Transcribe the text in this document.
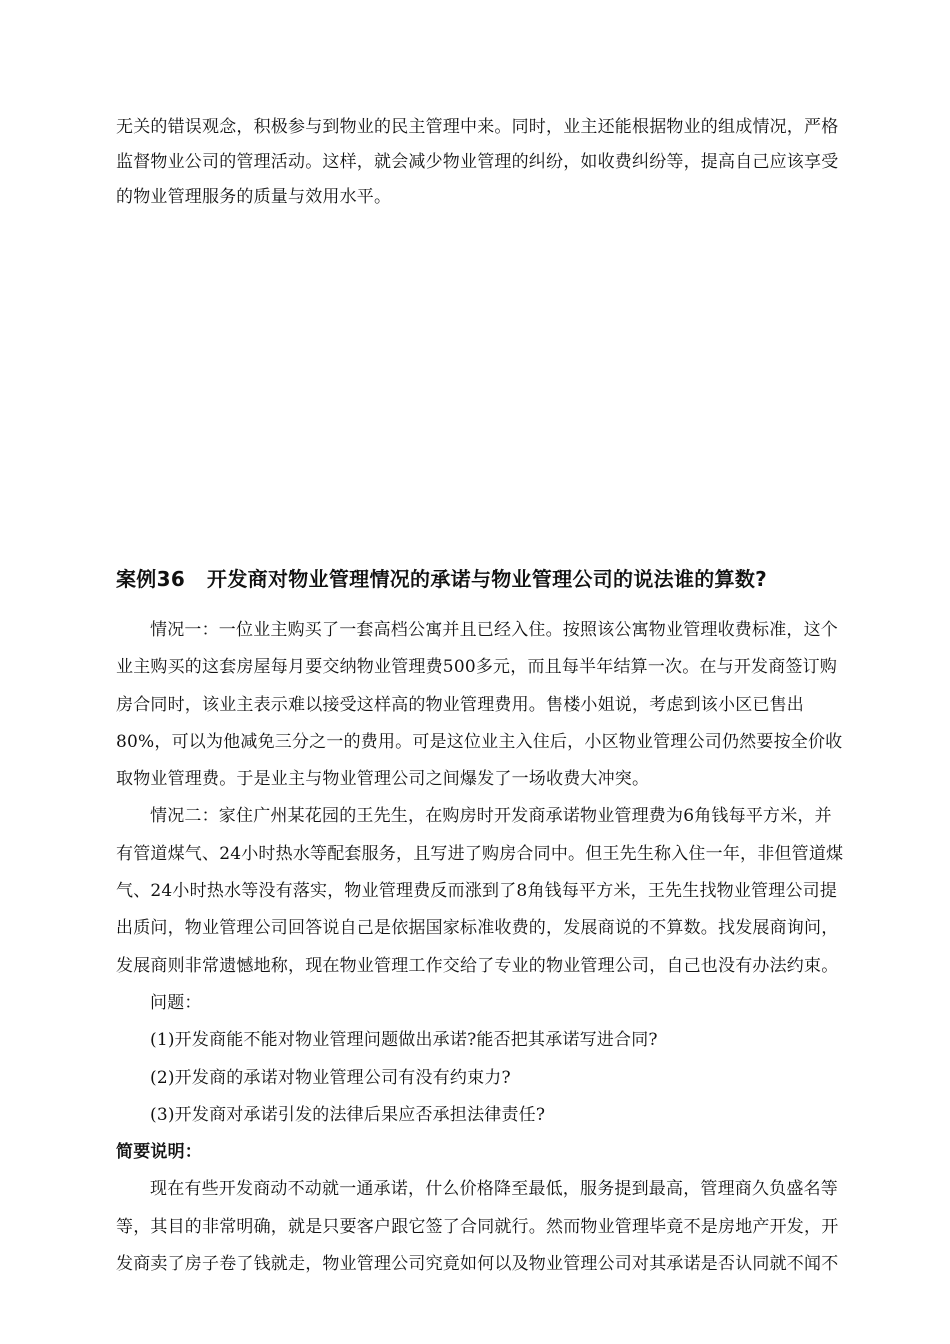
无关的错误观念，积极参与到物业的民主管理中来。同时，业主还能根据物业的组成情况，严格
监督物业公司的管理活动。这样，就会减少物业管理的纠纷，如收费纠纷等，提高自己应该享受
的物业管理服务的质量与效用水平。
案例36 开发商对物业管理情况的承诺与物业管理公司的说法谁的算数?
情况一：一位业主购买了一套高档公寓并且已经入住。按照该公寓物业管理收费标准，这个
业主购买的这套房屋每月要交纳物业管理费500多元，而且每半年结算一次。在与开发商签订购
房合同时，该业主表示难以接受这样高的物业管理费用。售楼小姐说，考虑到该小区已售出
80%，可以为他减免三分之一的费用。可是这位业主入住后，小区物业管理公司仍然要按全价收
取物业管理费。于是业主与物业管理公司之间爆发了一场收费大冲突。
情况二：家住广州某花园的王先生，在购房时开发商承诺物业管理费为6角钱每平方米，并
有管道煤气、24小时热水等配套服务，且写进了购房合同中。但王先生称入住一年，非但管道煤
气、24小时热水等没有落实，物业管理费反而涨到了8角钱每平方米，王先生找物业管理公司提
出质问，物业管理公司回答说自己是依据国家标准收费的，发展商说的不算数。找发展商询问，
发展商则非常遗憾地称，现在物业管理工作交给了专业的物业管理公司，自己也没有办法约束。
问题：
(1)开发商能不能对物业管理问题做出承诺?能否把其承诺写进合同?
(2)开发商的承诺对物业管理公司有没有约束力?
(3)开发商对承诺引发的法律后果应否承担法律责任?
简要说明：
现在有些开发商动不动就一通承诺，什么价格降至最低，服务提到最高，管理商久负盛名等
等，其目的非常明确，就是只要客户跟它签了合同就行。然而物业管理毕竟不是房地产开发，开
发商卖了房子卷了钱就走，物业管理公司究竟如何以及物业管理公司对其承诺是否认同就不闻不
